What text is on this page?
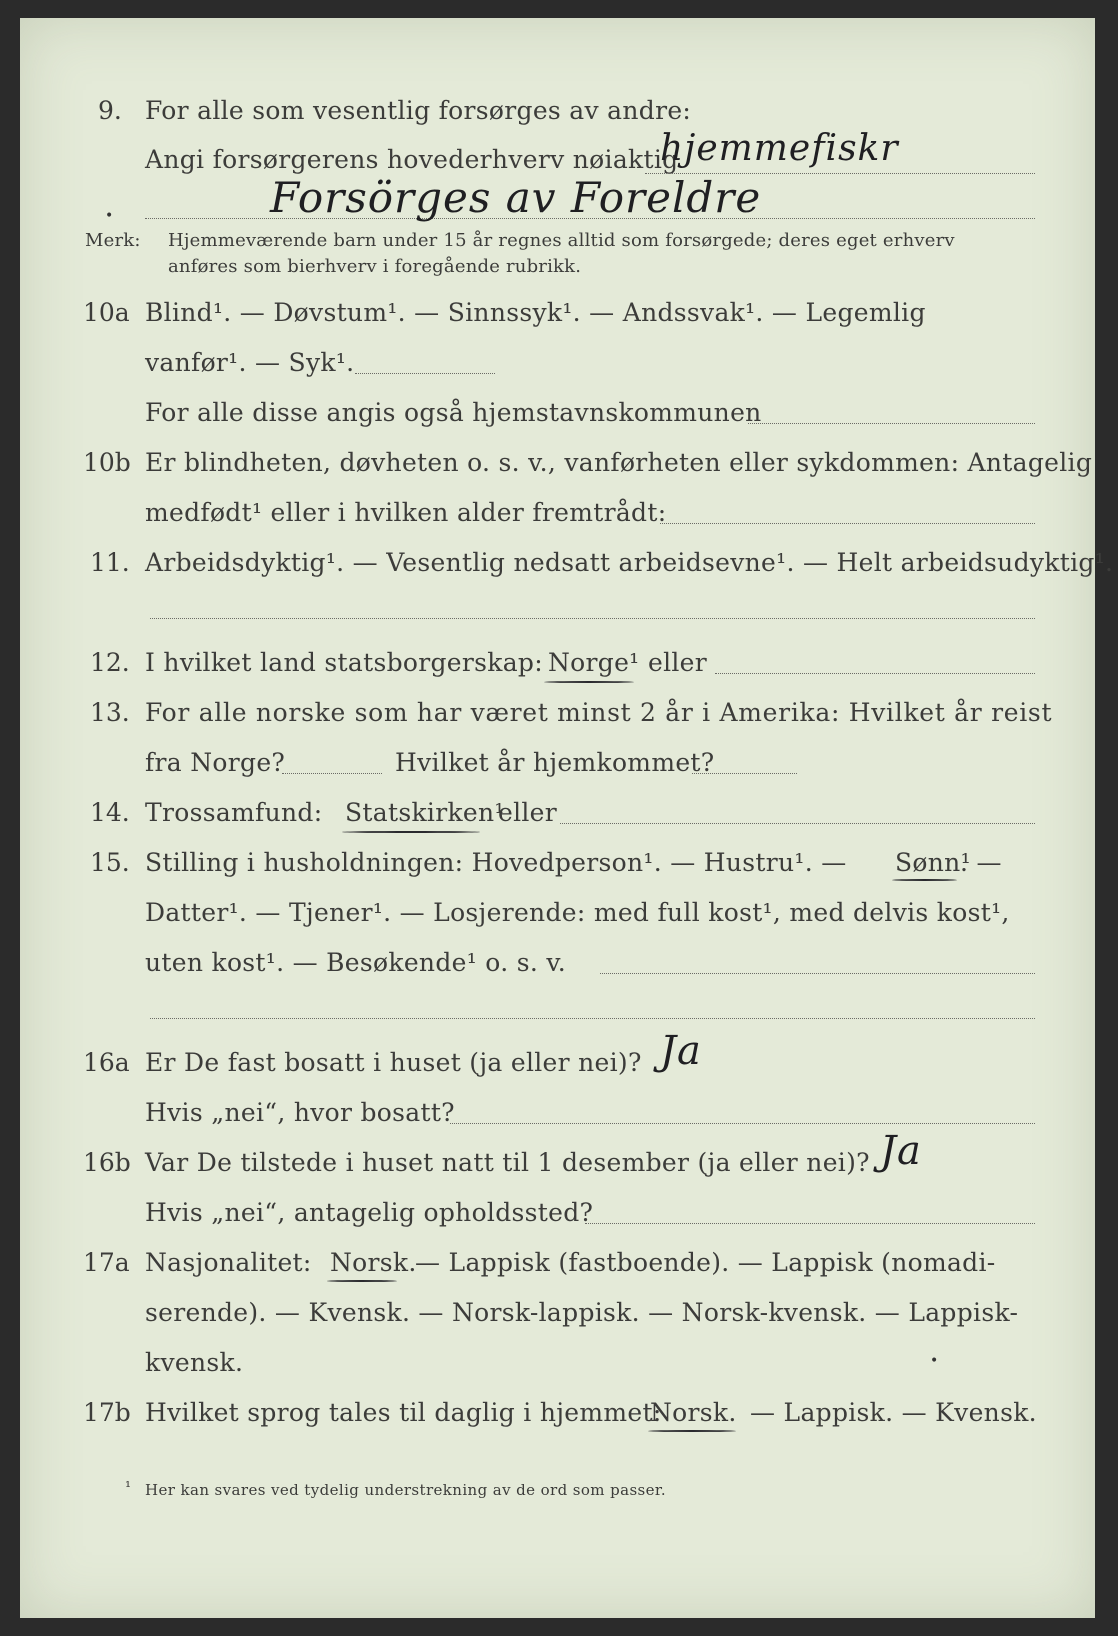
9. For alle som vesentlig forsørges av andre:
Angi forsørgerens hovederhverv nøiaktig
hjemmefiskr
Forsörges av Foreldre
•
Merk: Hjemmeværende barn under 15 år regnes alltid som forsørgede; deres eget erhverv
anføres som bierhverv i foregående rubrikk.
10a Blind¹. — Døvstum¹. — Sinnssyk¹. — Andssvak¹. — Legemlig
vanfør¹. — Syk¹.
For alle disse angis også hjemstavnskommunen
10b Er blindheten, døvheten o. s. v., vanførheten eller sykdommen: Antagelig
medfødt¹ eller i hvilken alder fremtrådt:
11. Arbeidsdyktig¹. — Vesentlig nedsatt arbeidsevne¹. — Helt arbeidsudyktig¹.
12. I hvilket land statsborgerskap: Norge¹ eller
13. For alle norske som har været minst 2 år i Amerika: Hvilket år reist
fra Norge?	Hvilket år hjemkommet?
14. Trossamfund: Statskirken¹
eller
15. Stilling i husholdningen: Hovedperson¹. — Hustru¹. — Sønn¹
. —
Datter¹. — Tjener¹. — Losjerende: med full kost¹, med delvis kost¹,
uten kost¹. — Besøkende¹ o. s. v.
16a Er De fast bosatt i huset (ja eller nei)? Ja
Hvis „nei“, hvor bosatt?
16b Var De tilstede i huset natt til 1 desember (ja eller nei)? Ja
Hvis „nei“, antagelig opholdssted?
17a Nasjonalitet: Norsk.
— Lappisk (fastboende). — Lappisk (nomadi-
serende). — Kvensk. — Norsk-lappisk. — Norsk-kvensk. — Lappisk-
kvensk.	•
17b Hvilket sprog tales til daglig i hjemmet:
Norsk. — Lappisk. — Kvensk.
¹ Her kan svares ved tydelig understrekning av de ord som passer.
